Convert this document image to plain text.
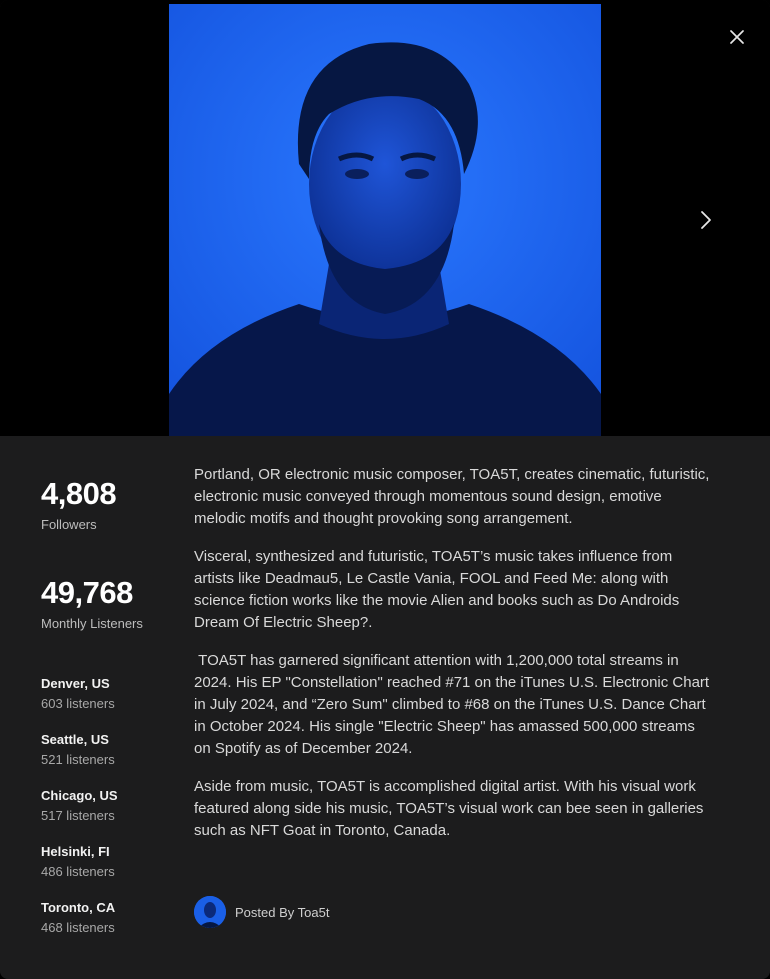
4,808
Followers
49,768
Monthly Listeners
Denver, US
603 listeners
Seattle, US
521 listeners
Chicago, US
517 listeners
Helsinki, FI
486 listeners
Toronto, CA
468 listeners

Portland, OR electronic music composer, TOA5T, creates cinematic, futuristic, electronic music conveyed through momentous sound design, emotive melodic motifs and thought provoking song arrangement.

Visceral, synthesized and futuristic, TOA5T’s music takes influence from artists like Deadmau5, Le Castle Vania, FOOL and Feed Me: along with science fiction works like the movie Alien and books such as Do Androids Dream Of Electric Sheep?.

TOA5T has garnered significant attention with 1,200,000 total streams in 2024. His EP "Constellation" reached #71 on the iTunes U.S. Electronic Chart in July 2024, and “Zero Sum" climbed to #68 on the iTunes U.S. Dance Chart in October 2024. His single "Electric Sheep" has amassed 500,000 streams on Spotify as of December 2024.

Aside from music, TOA5T is accomplished digital artist. With his visual work featured along side his music, TOA5T’s visual work can bee seen in galleries such as NFT Goat in Toronto, Canada.

Posted By Toa5t
